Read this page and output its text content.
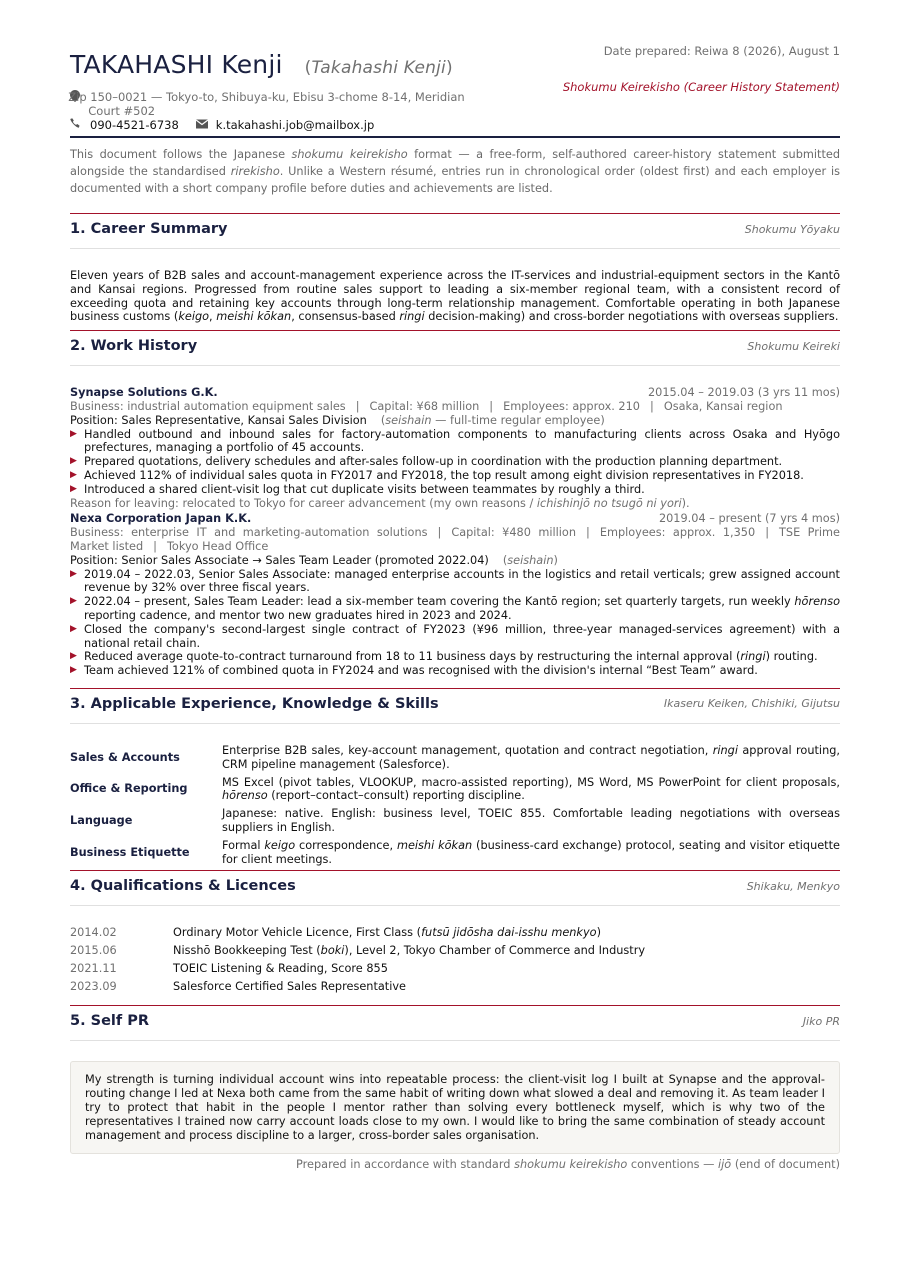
TAKAHASHI Kenji (Takahashi Kenji)
Date prepared: Reiwa 8 (2026), August 1
Shokumu Keirekisho (Career History Statement)
Zip 150–0021 — Tokyo-to, Shibuya-ku, Ebisu 3-chome 8-14, Meridian Court #502
090-4521-6738	k.takahashi.job@mailbox.jp
This document follows the Japanese shokumu keirekisho format — a free-form, self-authored career-history statement submitted alongside the standardised rirekisho. Unlike a Western résumé, entries run in chronological order (oldest first) and each employer is documented with a short company profile before duties and achievements are listed.
1. Career Summary	Shokumu Yōyaku
Eleven years of B2B sales and account-management experience across the IT-services and industrial-equipment sectors in the Kantō and Kansai regions. Progressed from routine sales support to leading a six-member regional team, with a consistent record of exceeding quota and retaining key accounts through long-term relationship management. Comfortable operating in both Japanese business customs (keigo, meishi kōkan, consensus-based ringi decision-making) and cross-border negotiations with overseas suppliers.
2. Work History	Shokumu Keireki
Synapse Solutions G.K.	2015.04 – 2019.03 (3 yrs 11 mos)
Business: industrial automation equipment sales | Capital: ¥68 million | Employees: approx. 210 | Osaka, Kansai region
Position: Sales Representative, Kansai Sales Division (seishain — full-time regular employee)
▶ Handled outbound and inbound sales for factory-automation components to manufacturing clients across Osaka and Hyōgo prefectures, managing a portfolio of 45 accounts.
▶ Prepared quotations, delivery schedules and after-sales follow-up in coordination with the production planning department.
▶ Achieved 112% of individual sales quota in FY2017 and FY2018, the top result among eight division representatives in FY2018.
▶ Introduced a shared client-visit log that cut duplicate visits between teammates by roughly a third.
Reason for leaving: relocated to Tokyo for career advancement (my own reasons / ichishinjō no tsugō ni yori).
Nexa Corporation Japan K.K.	2019.04 – present (7 yrs 4 mos)
Business: enterprise IT and marketing-automation solutions | Capital: ¥480 million | Employees: approx. 1,350 | TSE Prime Market listed | Tokyo Head Office
Position: Senior Sales Associate → Sales Team Leader (promoted 2022.04) (seishain)
▶ 2019.04 – 2022.03, Senior Sales Associate: managed enterprise accounts in the logistics and retail verticals; grew assigned account revenue by 32% over three fiscal years.
▶ 2022.04 – present, Sales Team Leader: lead a six-member team covering the Kantō region; set quarterly targets, run weekly hōrenso reporting cadence, and mentor two new graduates hired in 2023 and 2024.
▶ Closed the company's second-largest single contract of FY2023 (¥96 million, three-year managed-services agreement) with a national retail chain.
▶ Reduced average quote-to-contract turnaround from 18 to 11 business days by restructuring the internal approval (ringi) routing.
▶ Team achieved 121% of combined quota in FY2024 and was recognised with the division's internal “Best Team” award.
3. Applicable Experience, Knowledge & Skills	Ikaseru Keiken, Chishiki, Gijutsu
Sales & Accounts	Enterprise B2B sales, key-account management, quotation and contract negotiation, ringi approval routing, CRM pipeline management (Salesforce).
Office & Reporting	MS Excel (pivot tables, VLOOKUP, macro-assisted reporting), MS Word, MS PowerPoint for client proposals, hōrenso (report–contact–consult) reporting discipline.
Language	Japanese: native. English: business level, TOEIC 855. Comfortable leading negotiations with overseas suppliers in English.
Business Etiquette	Formal keigo correspondence, meishi kōkan (business-card exchange) protocol, seating and visitor etiquette for client meetings.
4. Qualifications & Licences	Shikaku, Menkyo
2014.02	Ordinary Motor Vehicle Licence, First Class (futsū jidōsha dai-isshu menkyo)
2015.06	Nisshō Bookkeeping Test (boki), Level 2, Tokyo Chamber of Commerce and Industry
2021.11	TOEIC Listening & Reading, Score 855
2023.09	Salesforce Certified Sales Representative
5. Self PR	Jiko PR
My strength is turning individual account wins into repeatable process: the client-visit log I built at Synapse and the approval-routing change I led at Nexa both came from the same habit of writing down what slowed a deal and removing it. As team leader I try to protect that habit in the people I mentor rather than solving every bottleneck myself, which is why two of the representatives I trained now carry account loads close to my own. I would like to bring the same combination of steady account management and process discipline to a larger, cross-border sales organisation.
Prepared in accordance with standard shokumu keirekisho conventions — ijō (end of document)
